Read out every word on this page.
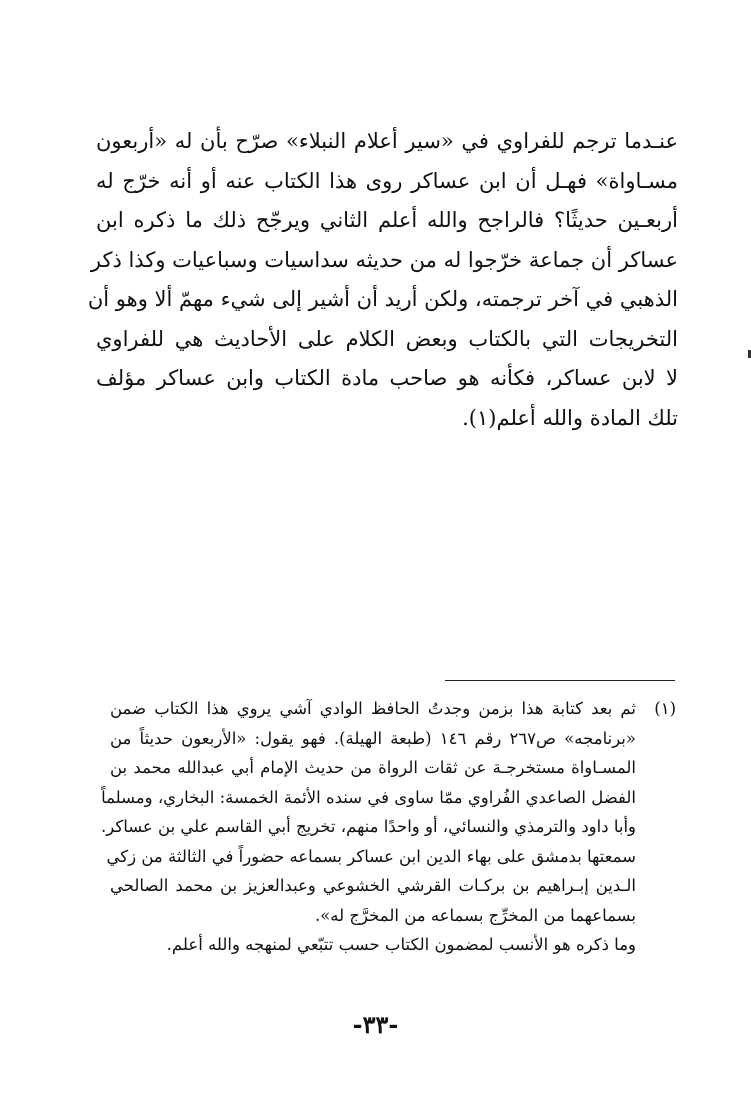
عنـدما ترجم للفراوي في «سير أعلام النبلاء» صرّح بأن له «أربعون
مسـاواة» فهـل أن ابن عساكر روى هذا الكتاب عنه أو أنه خرّج له
أربعـين حديثًا؟ فالراجح والله أعلم الثاني ويرجّح ذلك ما ذكره ابن
عساكر أن جماعة خرّجوا له من حديثه سداسيات وسباعيات وكذا ذكر
الذهبي في آخر ترجمته، ولكن أريد أن أشير إلى شيء مهمّ ألا وهو أن
التخريجات التي بالكتاب وبعض الكلام على الأحاديث هي للفراوي
لا لابن عساكر، فكأنه هو صاحب مادة الكتاب وابن عساكر مؤلف
تلك المادة والله أعلم(١).
(١)
ثم بعد كتابة هذا بزمن وجدتُ الحافظ الوادي آشي يروي هذا الكتاب ضمن
«برنامجه» ص٢٦٧ رقم ١٤٦ (طبعة الهيلة). فهو يقول: «الأربعون حديثاً من
المسـاواة مستخرجـة عن ثقات الرواة من حديث الإمام أبي عبدالله محمد بن
الفضل الصاعدي الفُراوي ممّا ساوى في سنده الأئمة الخمسة: البخاري، ومسلماً
وأبا داود والترمذي والنسائي، أو واحدًا منهم، تخريج أبي القاسم علي بن عساكر.
سمعتها بدمشق على بهاء الدين ابن عساكر بسماعه حضوراً في الثالثة من زكي
الـدين إبـراهيم بن بركـات القرشي الخشوعي وعبدالعزيز بن محمد الصالحي
بسماعهما من المخرِّج بسماعه من المخرَّج له».
وما ذكره هو الأنسب لمضمون الكتاب حسب تتبّعي لمنهجه والله أعلم.
-٣٣-
